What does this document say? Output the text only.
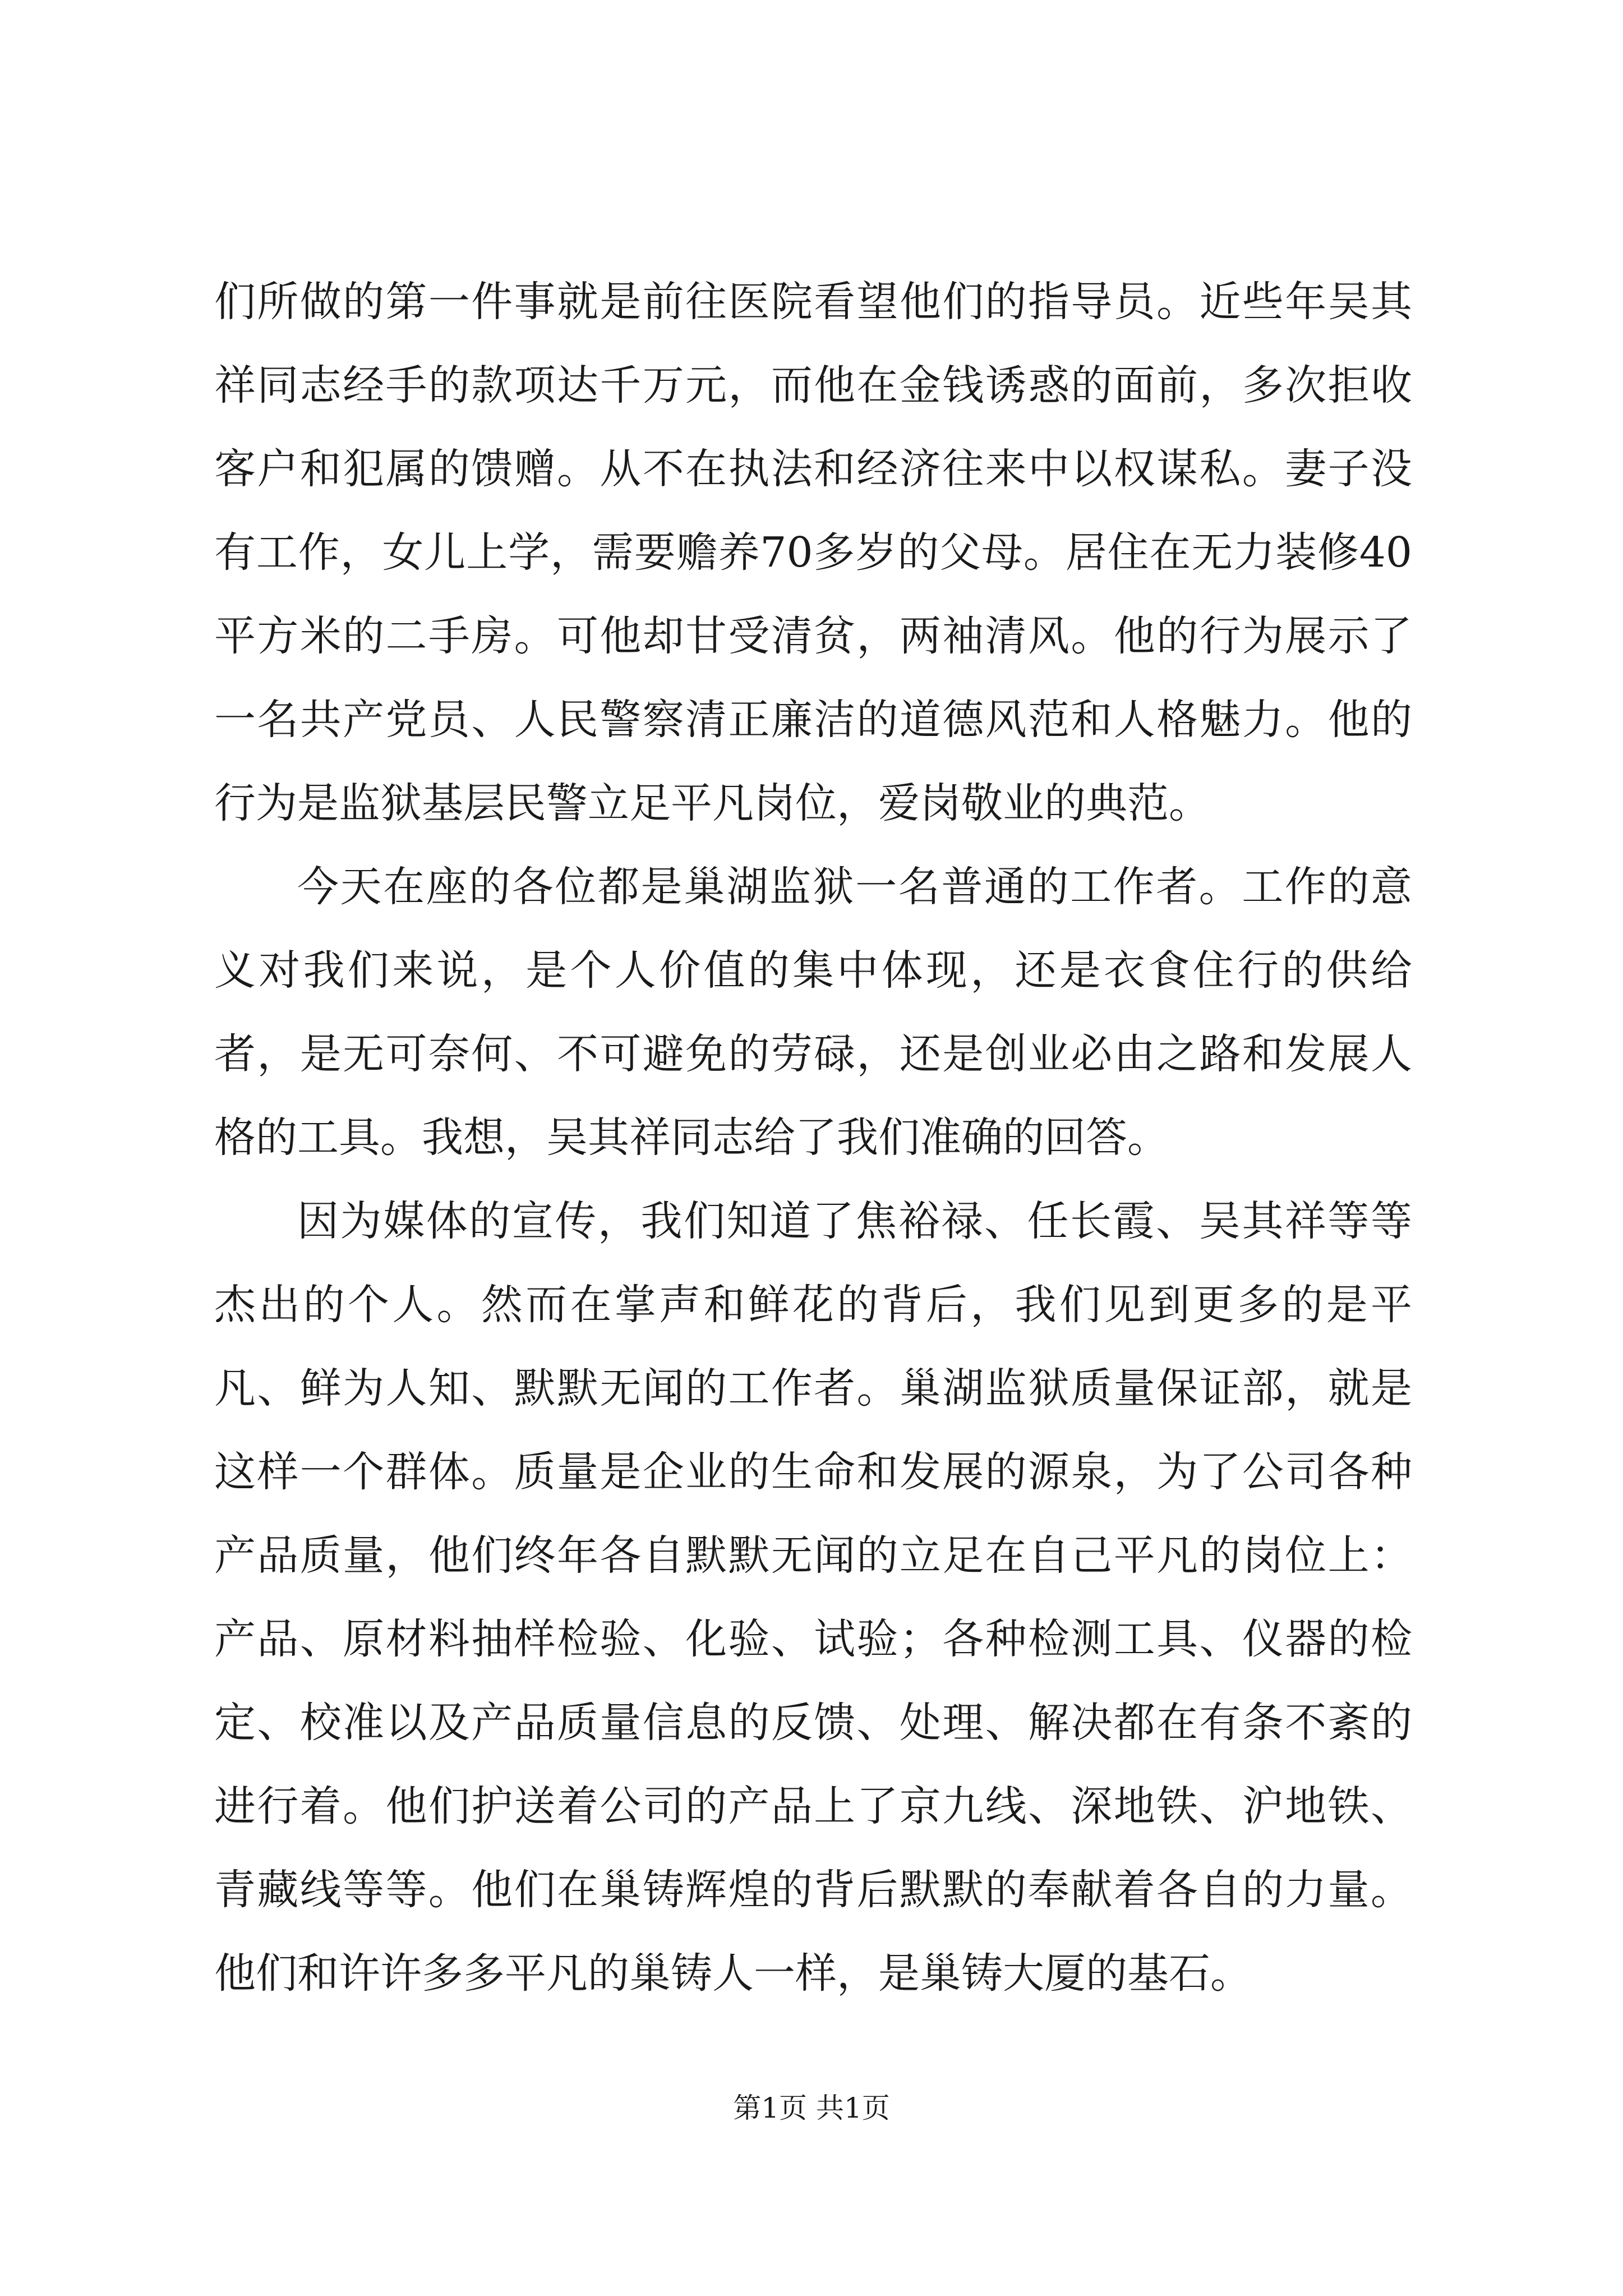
们所做的第一件事就是前往医院看望他们的指导员。近些年吴其祥同志经手的款项达千万元，而他在金钱诱惑的面前，多次拒收客户和犯属的馈赠。从不在执法和经济往来中以权谋私。妻子没有工作，女儿上学，需要赡养70多岁的父母。居住在无力装修40平方米的二手房。可他却甘受清贫，两袖清风。他的行为展示了一名共产党员、人民警察清正廉洁的道德风范和人格魅力。他的行为是监狱基层民警立足平凡岗位，爱岗敬业的典范。

今天在座的各位都是巢湖监狱一名普通的工作者。工作的意义对我们来说，是个人价值的集中体现，还是衣食住行的供给者，是无可奈何、不可避免的劳碌，还是创业必由之路和发展人格的工具。我想，吴其祥同志给了我们准确的回答。

因为媒体的宣传，我们知道了焦裕禄、任长霞、吴其祥等等杰出的个人。然而在掌声和鲜花的背后，我们见到更多的是平凡、鲜为人知、默默无闻的工作者。巢湖监狱质量保证部，就是这样一个群体。质量是企业的生命和发展的源泉，为了公司各种产品质量，他们终年各自默默无闻的立足在自己平凡的岗位上：产品、原材料抽样检验、化验、试验；各种检测工具、仪器的检定、校准以及产品质量信息的反馈、处理、解决都在有条不紊的进行着。他们护送着公司的产品上了京九线、深地铁、沪地铁、青藏线等等。他们在巢铸辉煌的背后默默的奉献着各自的力量。他们和许许多多平凡的巢铸人一样，是巢铸大厦的基石。

第1页 共1页
